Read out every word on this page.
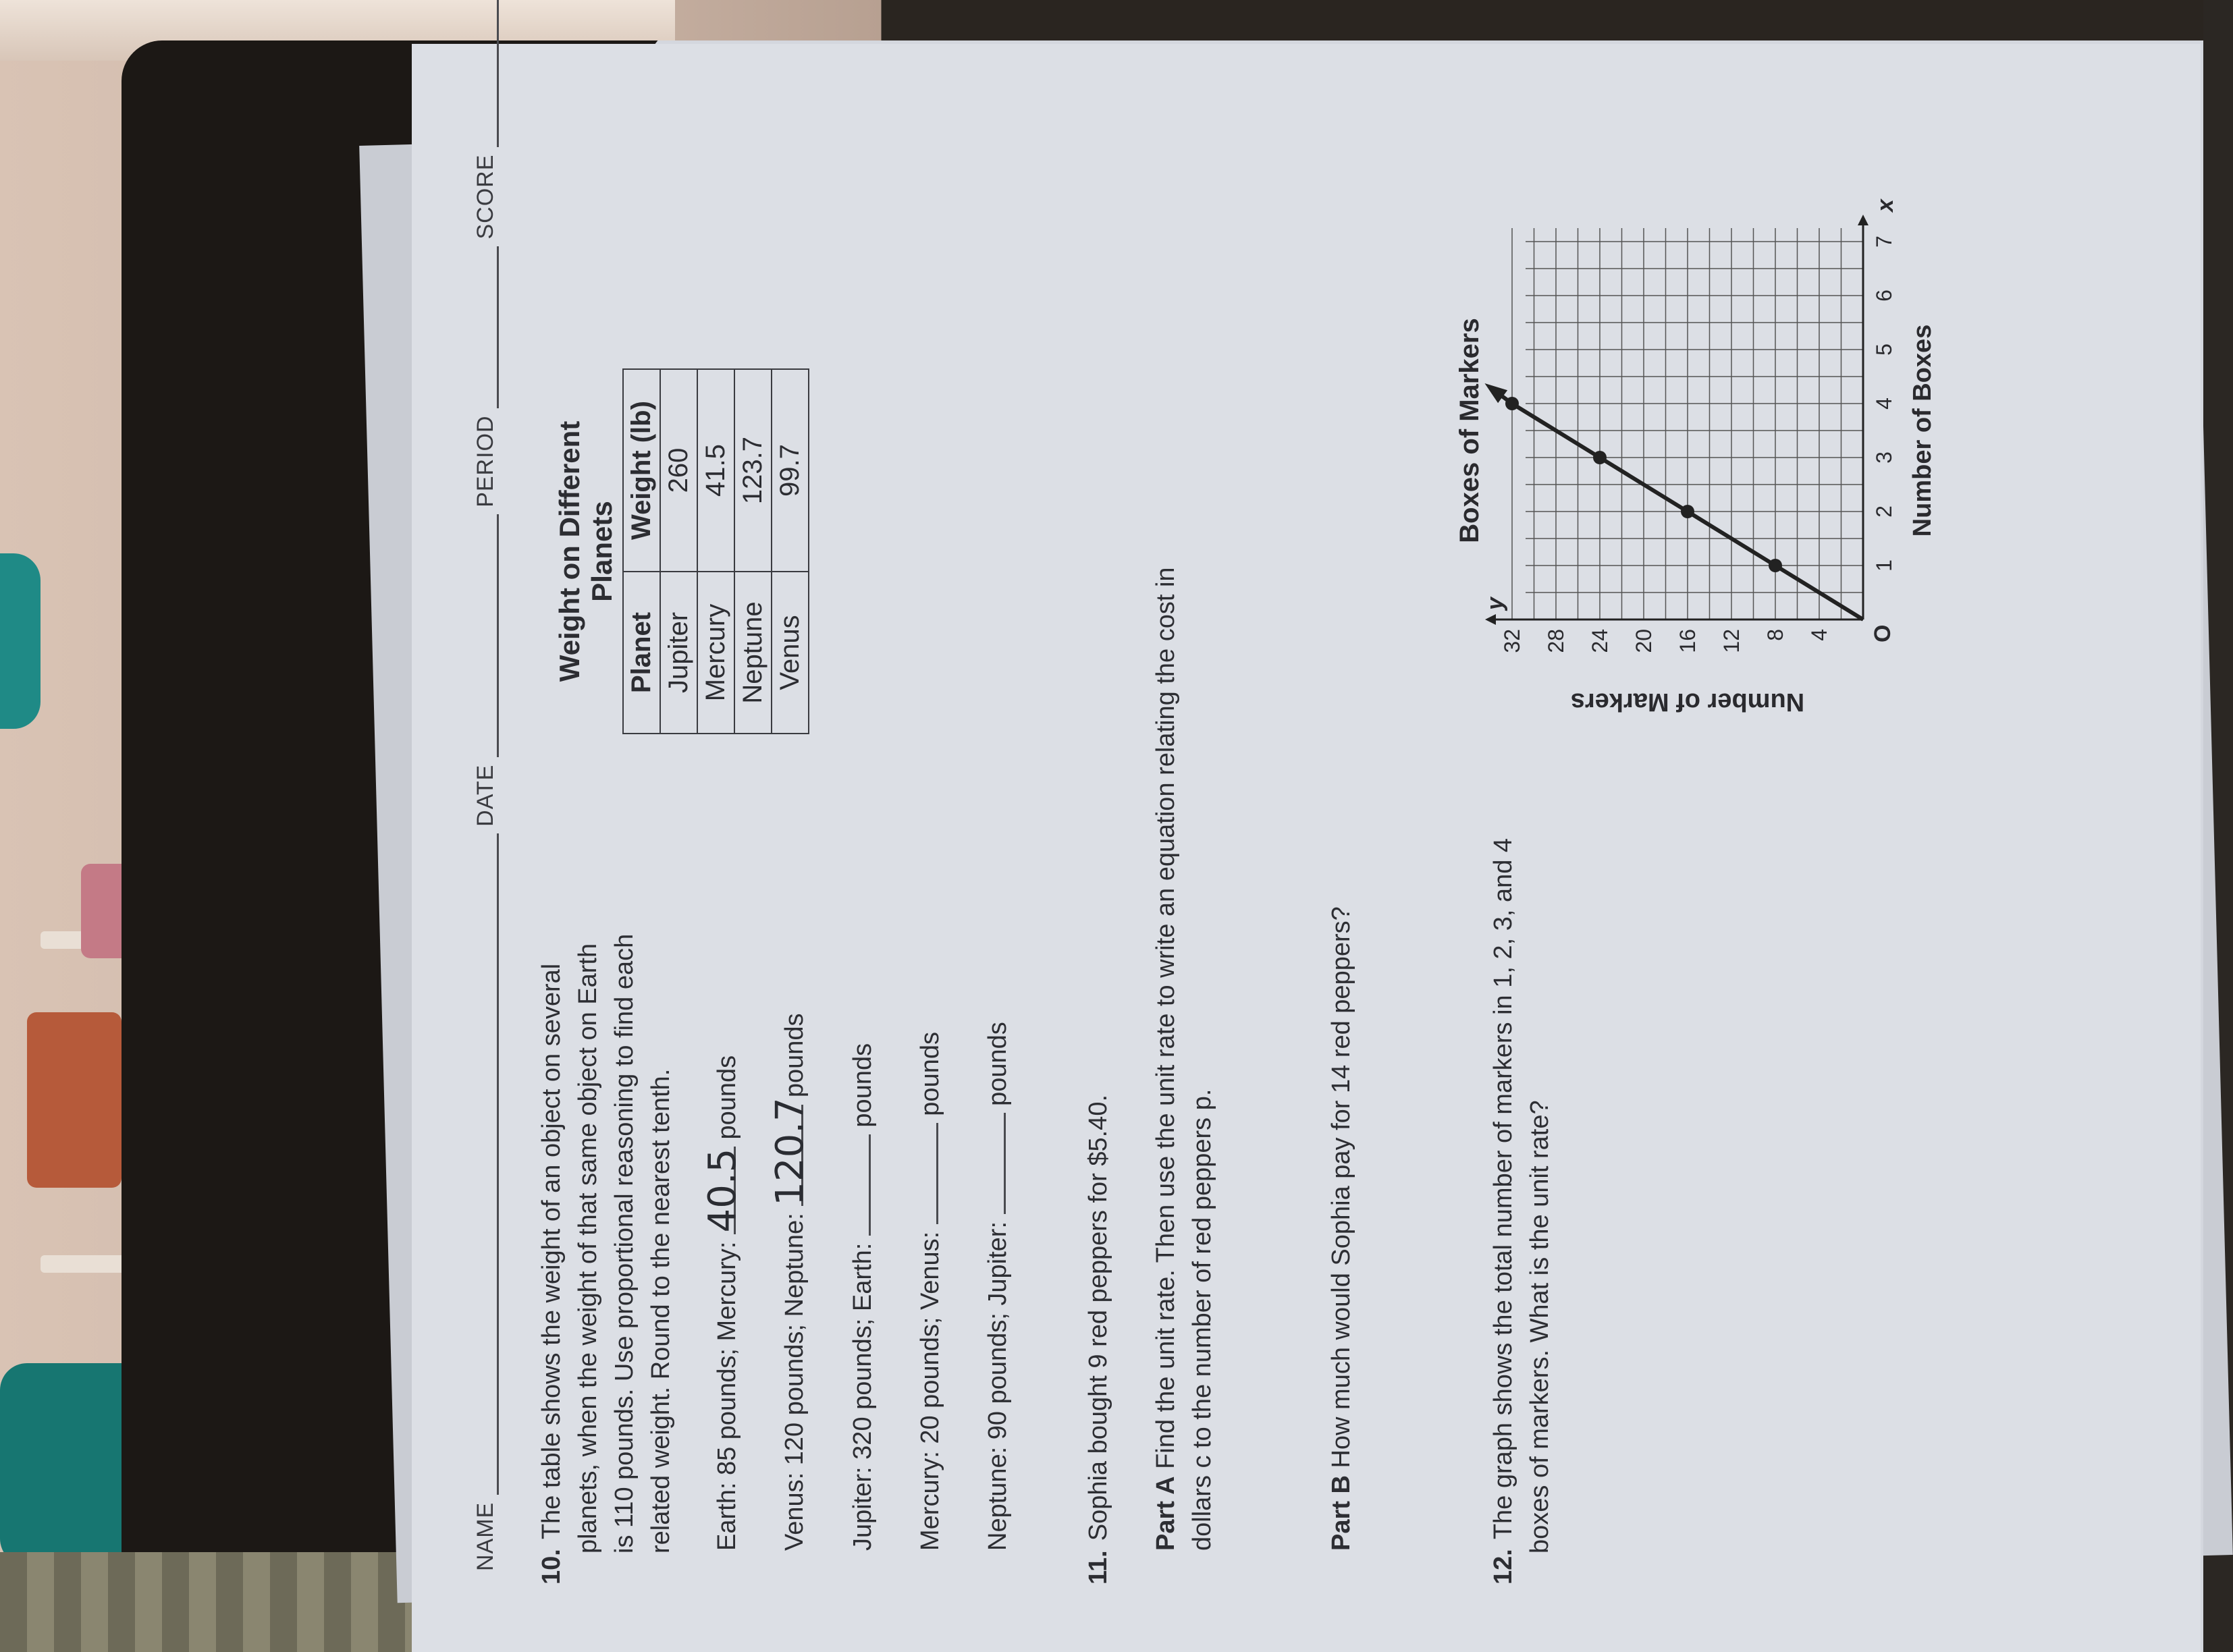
NAME  DATE  PERIOD  SCORE
10.The table shows the weight of an object on several planets, when the weight of that same object on Earth is 110 pounds. Use proportional reasoning to find each related weight. Round to the nearest tenth.
Weight on Different Planets
Planet	Weight (lb)
Jupiter	260
Mercury	41.5
Neptune	123.7
Venus	99.7
Earth: 85 pounds; Mercury: 40.5 pounds
Venus: 120 pounds; Neptune: 120.7 pounds
Jupiter: 320 pounds; Earth:  pounds
Mercury: 20 pounds; Venus:  pounds
Neptune: 90 pounds; Jupiter:  pounds
11.Sophia bought 9 red peppers for $5.40. Part A Find the unit rate. Then use the unit rate to write an equation relating the cost in dollars c to the number of red peppers p.	Part B How much would Sophia pay for 14 red peppers?
12.The graph shows the total number of markers in 1, 2, 3, and 4 boxes of markers. What is the unit rate?
Boxes of Markers
x
y
O
1
2
3
4
5
6
7
4
8
12
16
20
24
28
32
Number of Boxes
Number of Markers
